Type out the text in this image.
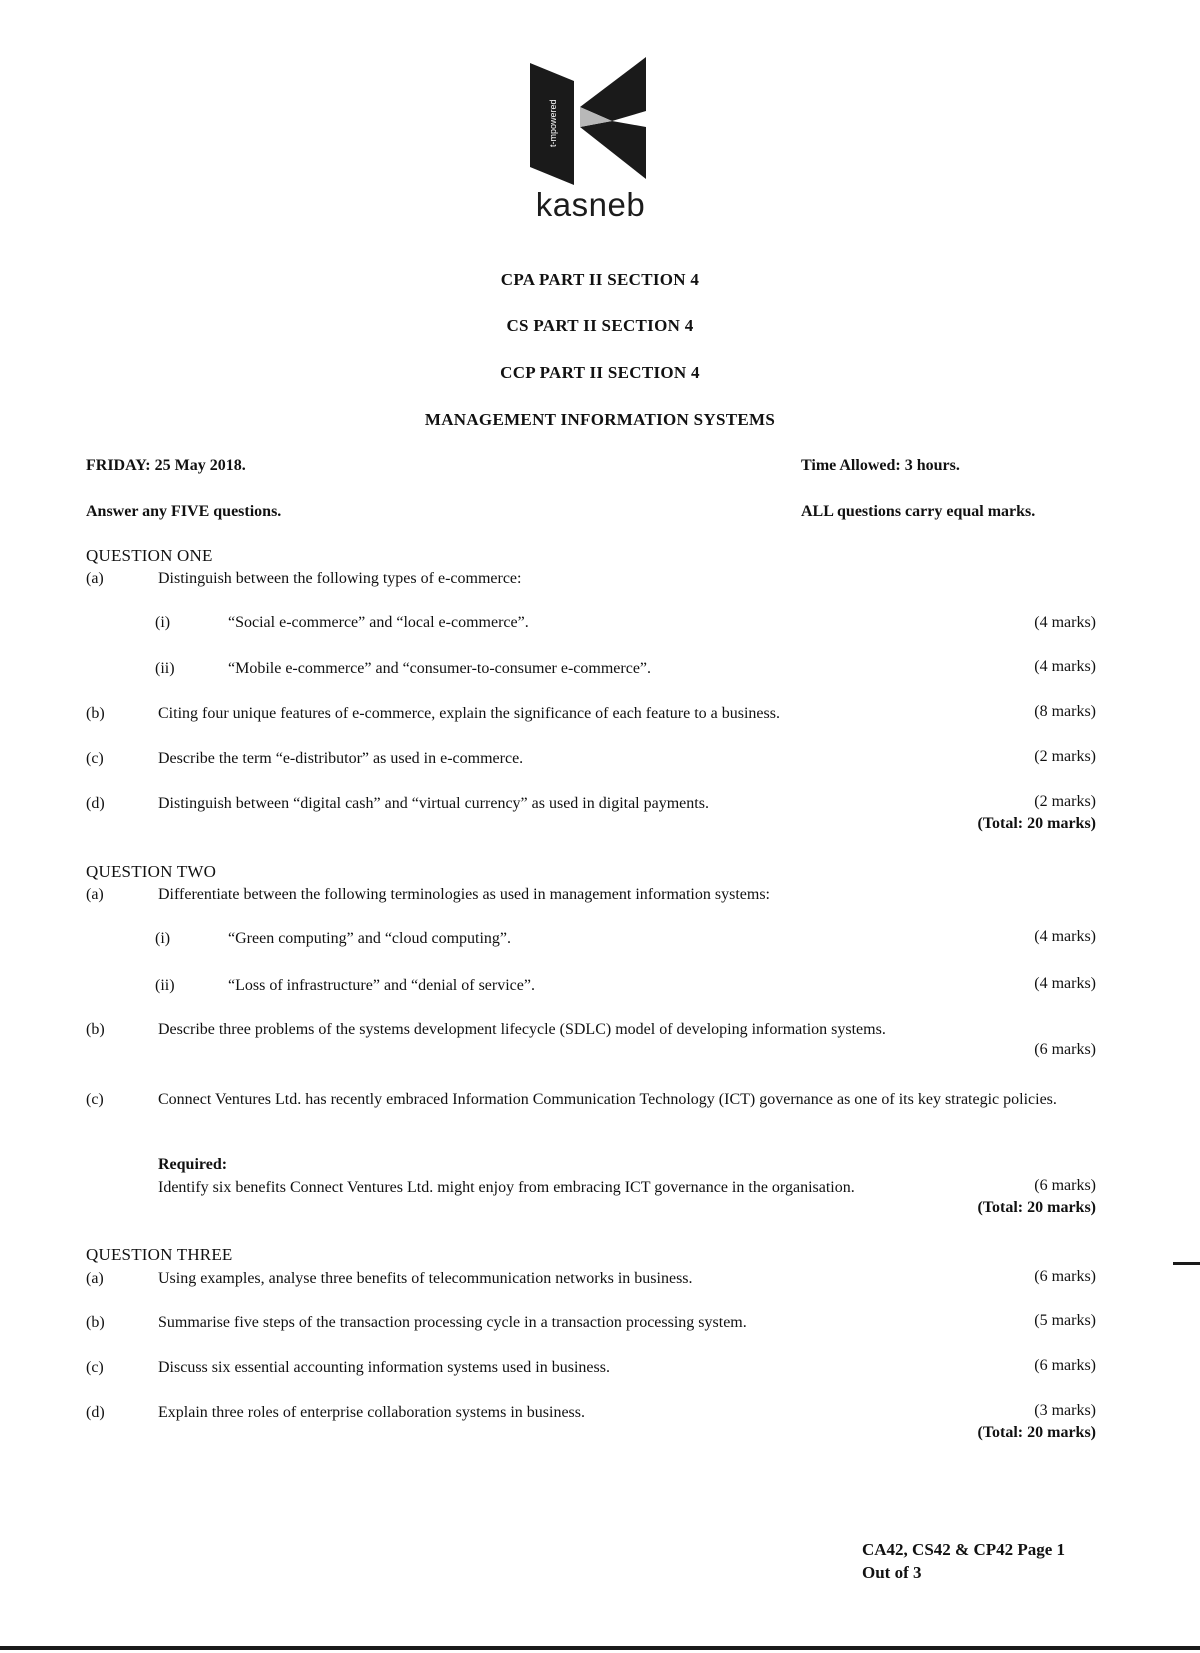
t-mpowered
kasneb
CPA PART II SECTION 4
CS PART II SECTION 4
CCP PART II SECTION 4
MANAGEMENT INFORMATION SYSTEMS
FRIDAY: 25 May 2018.	Time Allowed: 3 hours.
Answer any FIVE questions.	ALL questions carry equal marks.
QUESTION ONE
(a)	Distinguish between the following types of e-commerce:
(i)	“Social e-commerce” and “local e-commerce”.	(4 marks)
(ii)	“Mobile e-commerce” and “consumer-to-consumer e-commerce”.	(4 marks)
(b)	Citing four unique features of e-commerce, explain the significance of each feature to a business.	(8 marks)
(c)	Describe the term “e-distributor” as used in e-commerce.	(2 marks)
(d)	Distinguish between “digital cash” and “virtual currency” as used in digital payments.	(2 marks)
(Total: 20 marks)
QUESTION TWO
(a)	Differentiate between the following terminologies as used in management information systems:
(i)	“Green computing” and “cloud computing”.	(4 marks)
(ii)	“Loss of infrastructure” and “denial of service”.	(4 marks)
(b)	Describe three problems of the systems development lifecycle (SDLC) model of developing information systems.
(6 marks)
(c)	Connect Ventures Ltd. has recently embraced Information Communication Technology (ICT) governance as one of its key strategic policies.
Required:
Identify six benefits Connect Ventures Ltd. might enjoy from embracing ICT governance in the organisation.	(6 marks)
(Total: 20 marks)
QUESTION THREE
(a)	Using examples, analyse three benefits of telecommunication networks in business.	(6 marks)
(b)	Summarise five steps of the transaction processing cycle in a transaction processing system.	(5 marks)
(c)	Discuss six essential accounting information systems used in business.	(6 marks)
(d)	Explain three roles of enterprise collaboration systems in business.	(3 marks)
(Total: 20 marks)
CA42, CS42 & CP42 Page 1
Out of 3
